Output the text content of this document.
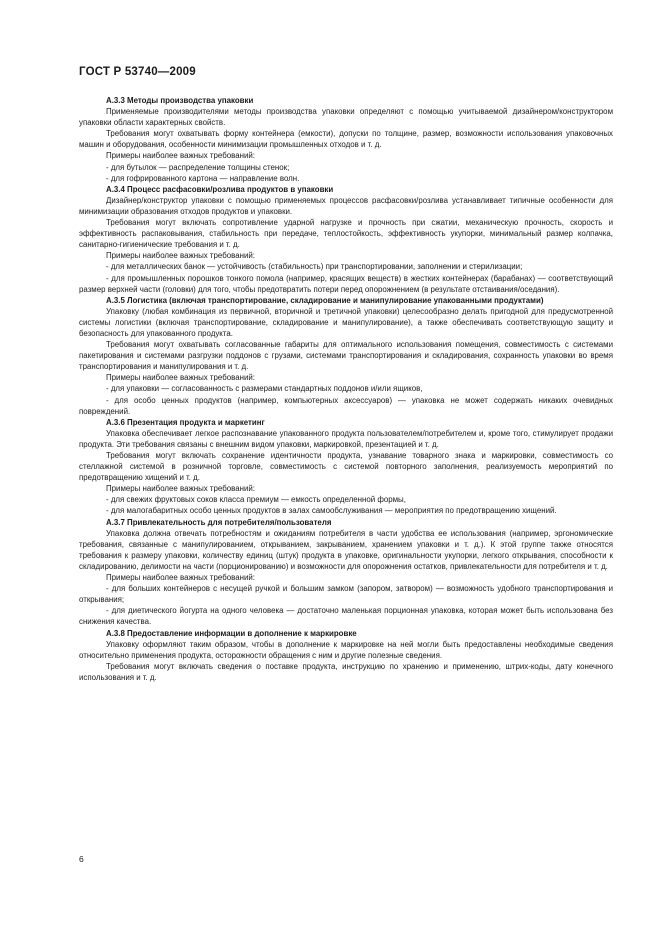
ГОСТ Р 53740—2009

А.3.3 Методы производства упаковки

Применяемые производителями методы производства упаковки определяют с помощью учитываемой дизайнером/конструктором упаковки области характерных свойств.

Требования могут охватывать форму контейнера (емкости), допуски по толщине, размер, возможности использования упаковочных машин и оборудования, особенности минимизации промышленных отходов и т. д.

Примеры наиболее важных требований:

- для бутылок — распределение толщины стенок;

- для гофрированного картона — направление волн.

А.3.4 Процесс расфасовки/розлива продуктов в упаковки

Дизайнер/конструктор упаковки с помощью применяемых процессов расфасовки/розлива устанавливает типичные особенности для минимизации образования отходов продуктов и упаковки.

Требования могут включать сопротивление ударной нагрузке и прочность при сжатии, механическую прочность, скорость и эффективность распаковывания, стабильность при передаче, теплостойкость, эффективность укупорки, минимальный размер колпачка, санитарно-гигиенические требования и т. д.

Примеры наиболее важных требований:

- для металлических банок — устойчивость (стабильность) при транспортировании, заполнении и стерилизации;

- для промышленных порошков тонкого помола (например, красящих веществ) в жестких контейнерах (барабанах) — соответствующий размер верхней части (головки) для того, чтобы предотвратить потери перед опорожнением (в результате отстаивания/оседания).

А.3.5 Логистика (включая транспортирование, складирование и манипулирование упакованными продуктами)

Упаковку (любая комбинация из первичной, вторичной и третичной упаковки) целесообразно делать пригодной для предусмотренной системы логистики (включая транспортирование, складирование и манипулирование), а также обеспечивать соответствующую защиту и безопасность для упакованного продукта.

Требования могут охватывать согласованные габариты для оптимального использования помещения, совместимость с системами пакетирования и системами разгрузки поддонов с грузами, системами транспортирования и складирования, сохранность упаковки во время транспортирования и манипулирования и т. д.

Примеры наиболее важных требований:

- для упаковки — согласованность с размерами стандартных поддонов и/или ящиков,

- для особо ценных продуктов (например, компьютерных аксессуаров) — упаковка не может содержать никаких очевидных повреждений.

А.3.6 Презентация продукта и маркетинг

Упаковка обеспечивает легкое распознавание упакованного продукта пользователем/потребителем и, кроме того, стимулирует продажи продукта. Эти требования связаны с внешним видом упаковки, маркировкой, презентацией и т. д.

Требования могут включать сохранение идентичности продукта, узнавание товарного знака и маркировки, совместимость со стеллажной системой в розничной торговле, совместимость с системой повторного заполнения, реализуемость мероприятий по предотвращению хищений и т. д.

Примеры наиболее важных требований:

- для свежих фруктовых соков класса премиум — емкость определенной формы,

- для малогабаритных особо ценных продуктов в залах самообслуживания — мероприятия по предотвращению хищений.

А.3.7 Привлекательность для потребителя/пользователя

Упаковка должна отвечать потребностям и ожиданиям потребителя в части удобства ее использования (например, эргономические требования, связанные с манипулированием, открыванием, закрыванием, хранением упаковки и т. д.). К этой группе также относятся требования к размеру упаковки, количеству единиц (штук) продукта в упаковке, оригинальности укупорки, легкого открывания, способности к складированию, делимости на части (порционированию) и возможности для опорожнения остатков, привлекательности для потребителя и т. д.

Примеры наиболее важных требований:

- для больших контейнеров с несущей ручкой и большим замком (запором, затвором) — возможность удобного транспортирования и открывания;

- для диетического йогурта на одного человека — достаточно маленькая порционная упаковка, которая может быть использована без снижения качества.

А.3.8 Предоставление информации в дополнение к маркировке

Упаковку оформляют таким образом, чтобы в дополнение к маркировке на ней могли быть предоставлены необходимые сведения относительно применения продукта, осторожности обращения с ним и другие полезные сведения.

Требования могут включать сведения о поставке продукта, инструкцию по хранению и применению, штрих-коды, дату конечного использования и т. д.

6
